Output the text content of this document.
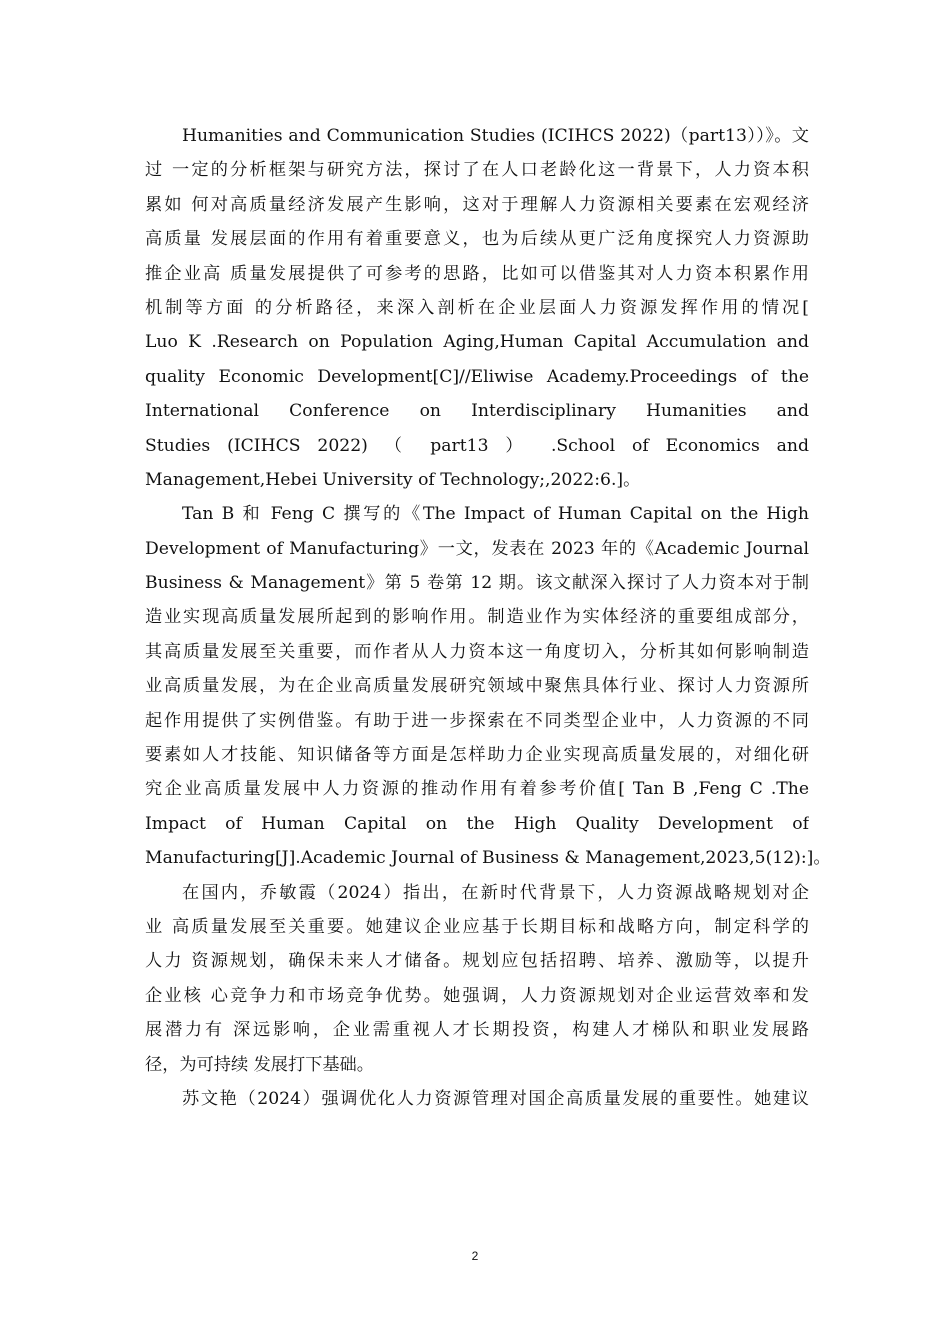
Humanities and Communication Studies (ICIHCS 2022)（part13））》。文
过 一定的分析框架与研究方法，探讨了在人口老龄化这一背景下，人力资本积
累如 何对高质量经济发展产生影响，这对于理解人力资源相关要素在宏观经济
高质量 发展层面的作用有着重要意义，也为后续从更广泛角度探究人力资源助
推企业高 质量发展提供了可参考的思路，比如可以借鉴其对人力资本积累作用
机制等方面 的分析路径，来深入剖析在企业层面人力资源发挥作用的情况[
Luo K .Research on Population Aging,Human Capital Accumulation and
quality Economic Development[C]//Eliwise Academy.Proceedings of the
International Conference on Interdisciplinary Humanities and
Studies (ICIHCS 2022) （ part13 ） .School of Economics and
Management,Hebei University of Technology;,2022:6.]。
Tan B 和 Feng C 撰写的《The Impact of Human Capital on the High
Development of Manufacturing》一文，发表在 2023 年的《Academic Journal
Business & Management》第 5 卷第 12 期。该文献深入探讨了人力资本对于制
造业实现高质量发展所起到的影响作用。制造业作为实体经济的重要组成部分，
其高质量发展至关重要，而作者从人力资本这一角度切入，分析其如何影响制造
业高质量发展，为在企业高质量发展研究领域中聚焦具体行业、探讨人力资源所
起作用提供了实例借鉴。有助于进一步探索在不同类型企业中，人力资源的不同
要素如人才技能、知识储备等方面是怎样助力企业实现高质量发展的，对细化研
究企业高质量发展中人力资源的推动作用有着参考价值[ Tan B ,Feng C .The
Impact of Human Capital on the High Quality Development of
Manufacturing[J].Academic Journal of Business & Management,2023,5(12):]。
在国内，乔敏霞（2024）指出，在新时代背景下，人力资源战略规划对企
业 高质量发展至关重要。她建议企业应基于长期目标和战略方向，制定科学的
人力 资源规划，确保未来人才储备。规划应包括招聘、培养、激励等，以提升
企业核 心竞争力和市场竞争优势。她强调，人力资源规划对企业运营效率和发
展潜力有 深远影响，企业需重视人才长期投资，构建人才梯队和职业发展路
径，为可持续 发展打下基础。
苏文艳（2024）强调优化人力资源管理对国企高质量发展的重要性。她建议
2
